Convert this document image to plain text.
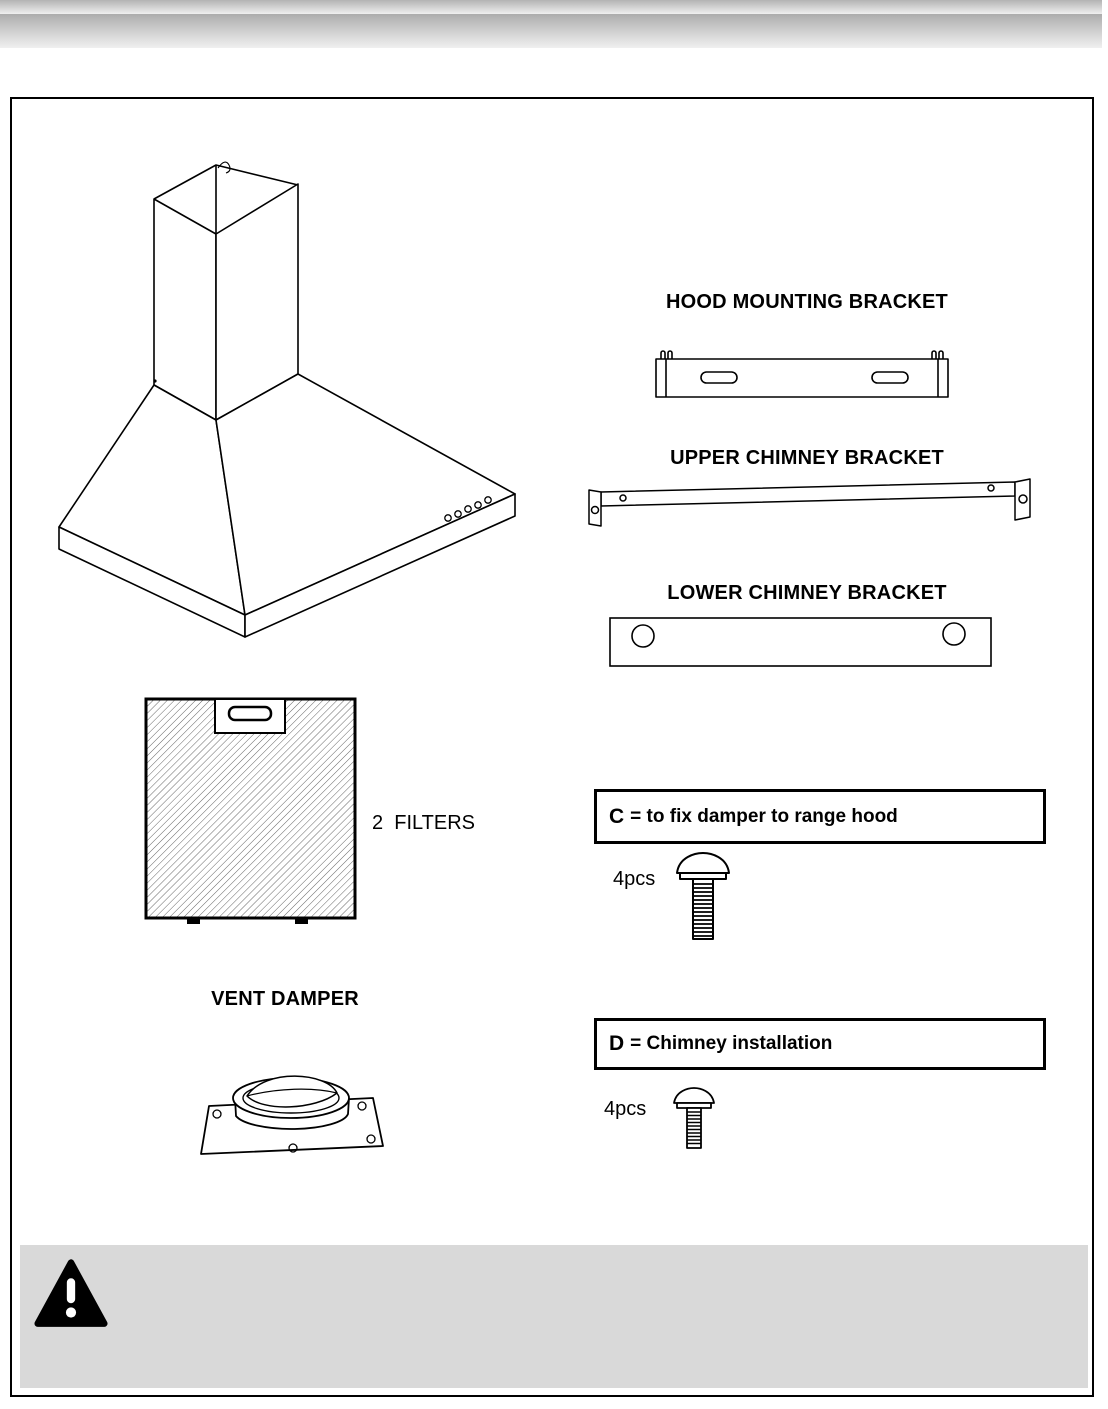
HOOD MOUNTING BRACKET
UPPER CHIMNEY BRACKET
LOWER CHIMNEY BRACKET
2  FILTERS
VENT DAMPER
C = to fix damper to range hood
4pcs
D = Chimney installation
4pcs
